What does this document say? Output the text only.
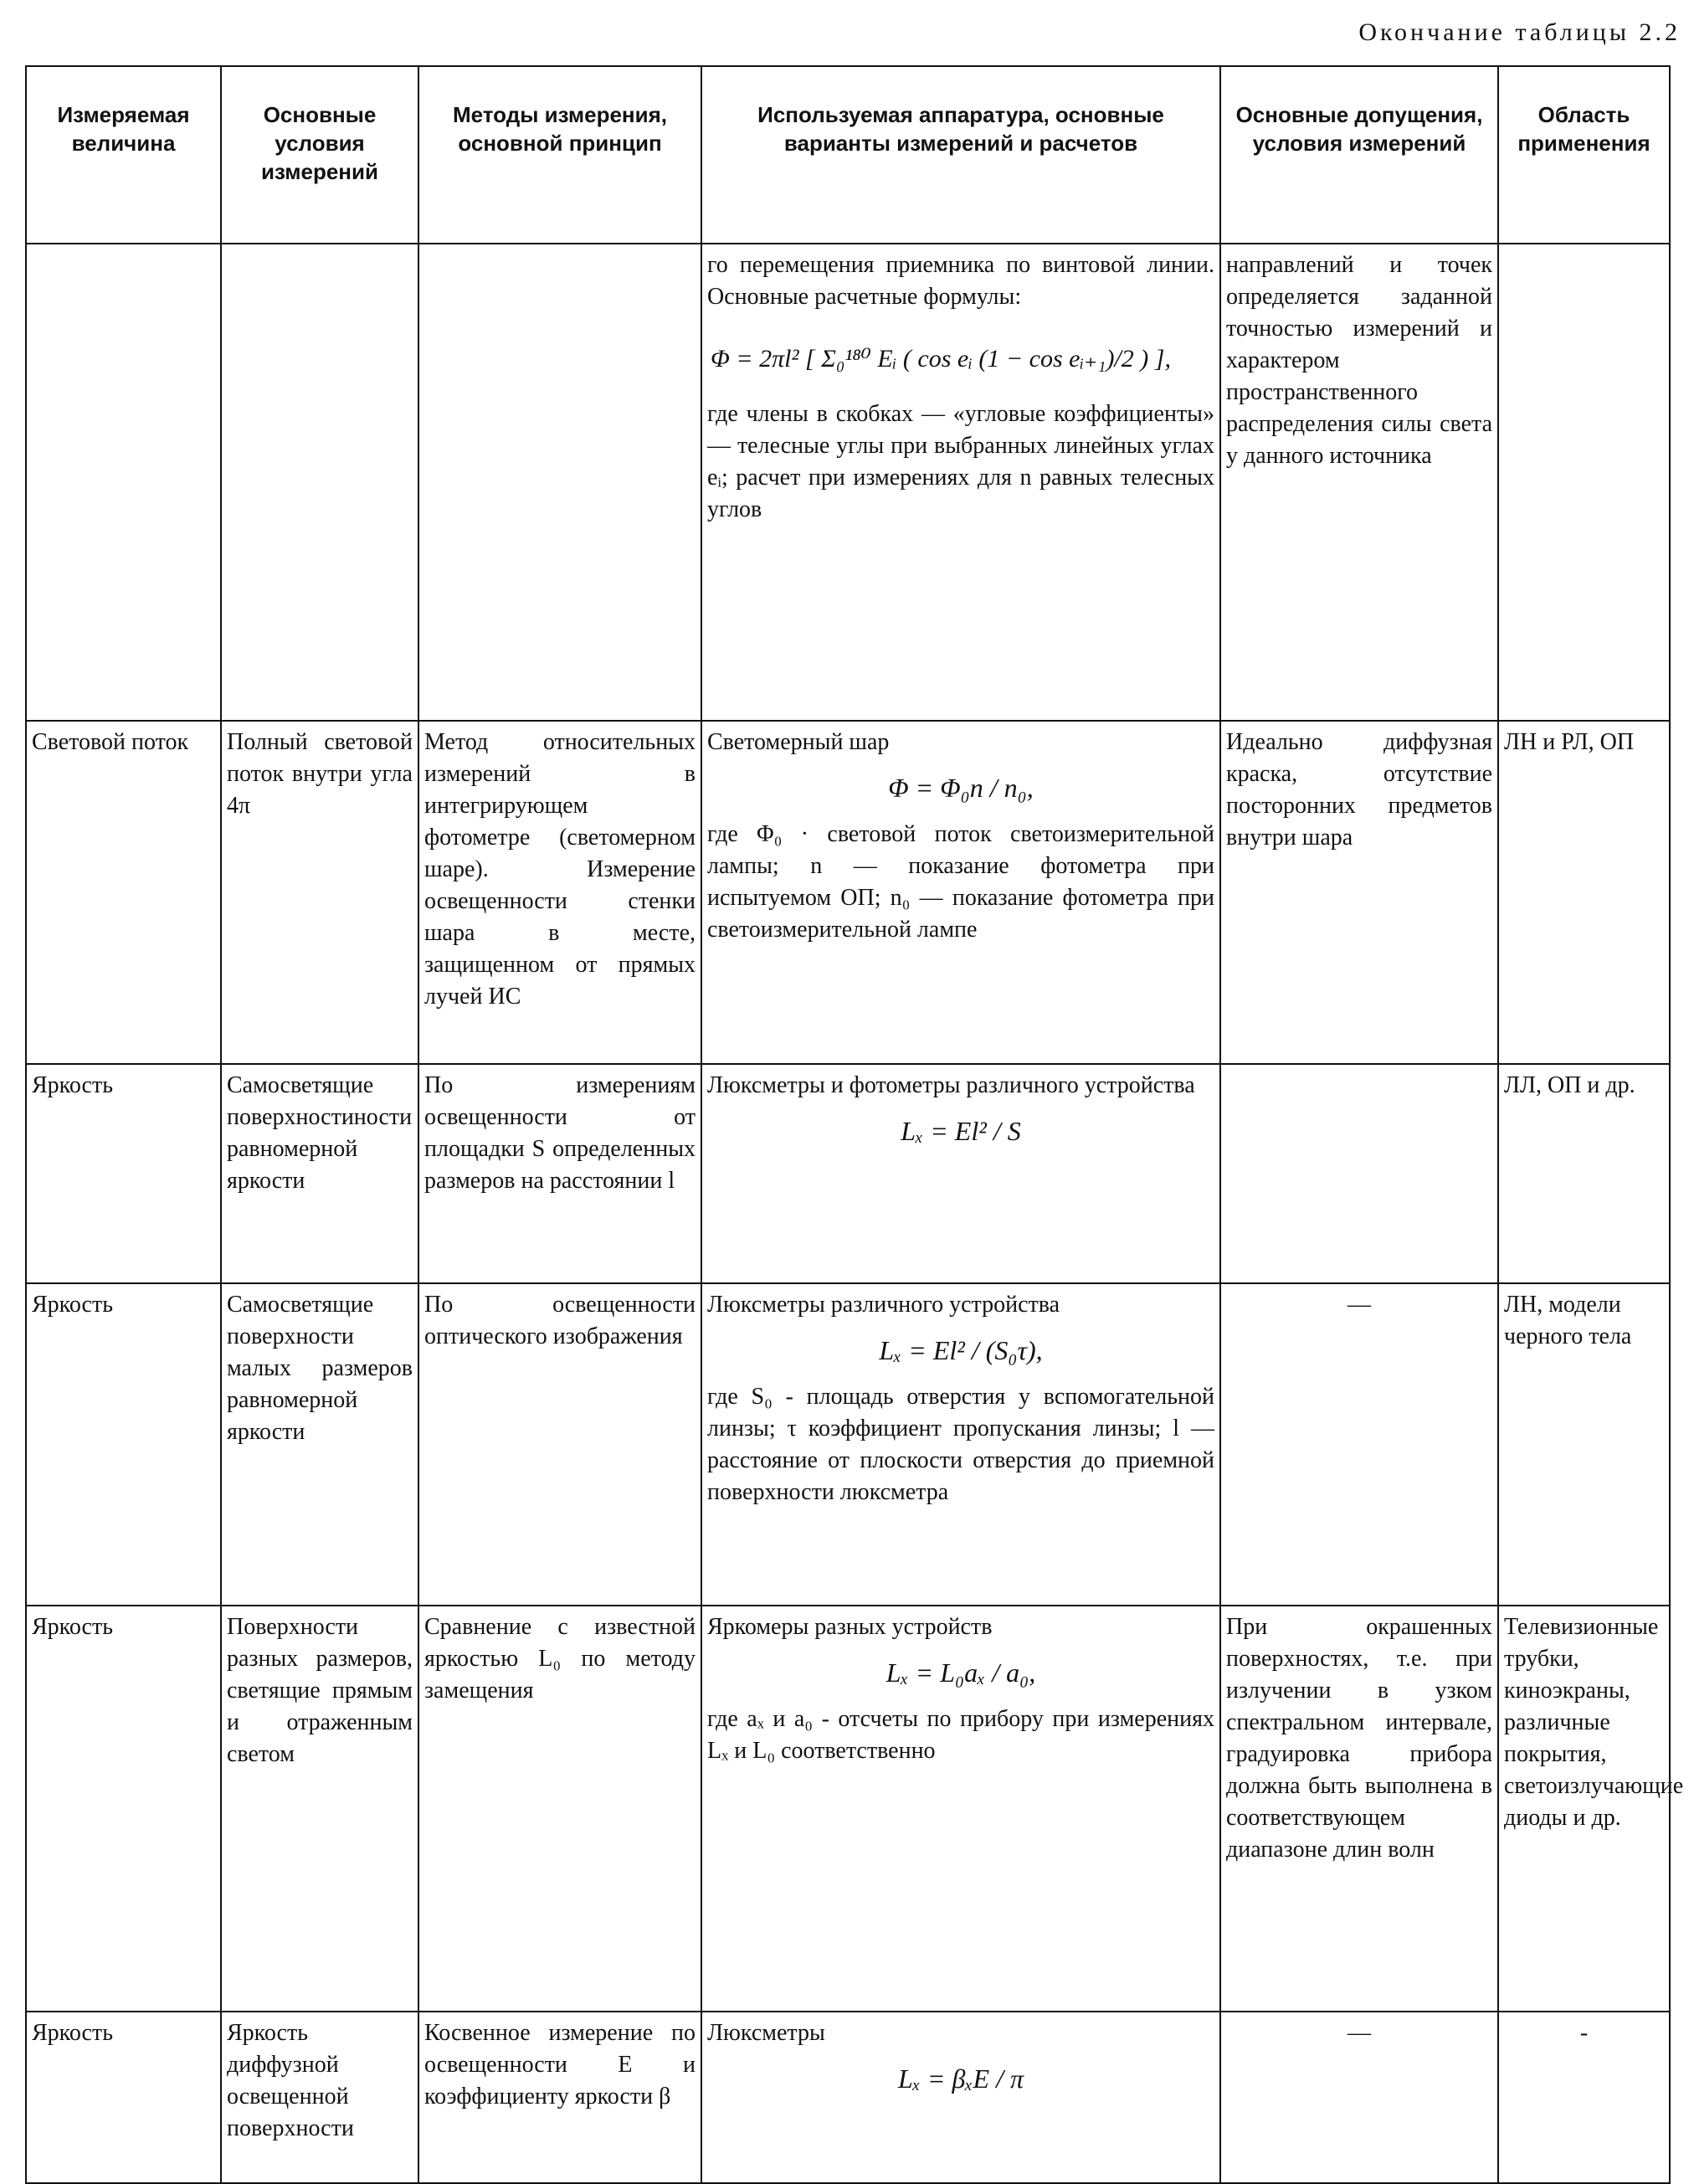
Окончание таблицы 2.2
Измеряемая величина	Основные условия измерений	Методы измерения, основной принцип	Используемая аппаратура, основные варианты измерений и расчетов	Основные допущения, условия измерений	Область применения

			го перемещения приемника по винтовой линии. Основные расчетные формулы:

Φ = 2πl² [ Σ₀¹⁸⁰ Eᵢ ( cos eᵢ (1 − cos eᵢ₊₁)/2 ) ],

где члены в скобках — «угловые коэффициенты» — телесные углы при выбранных линейных углах eᵢ; расчет при измерениях для n равных телесных углов	направлений и точек определяется заданной точностью измерений и характером пространственного распределения силы света у данного источника	
Световой поток	Полный световой поток внутри угла 4π	Метод относительных измерений в интегрирующем фотометре (светомерном шаре). Измерение освещенности стенки шара в месте, защищенном от прямых лучей ИС	Светомерный шар

Φ = Φ₀n / n₀,

где Φ₀ · световой поток светоизмерительной лампы; n — показание фотометра при испытуемом ОП; n₀ — показание фотометра при светоизмерительной лампе	Идеально диффузная краска, отсутствие посторонних предметов внутри шара	ЛН и РЛ, ОП
Яркость	Самосветящие поверхностиности равномерной яркости	По измерениям освещенности от площадки S определенных размеров на расстоянии l	Люксметры и фотометры различного устройства

Lₓ = El² / S		ЛЛ, ОП и др.
Яркость	Самосветящие поверхности малых размеров равномерной яркости	По освещенности оптического изображения	Люксметры различного устройства

Lₓ = El² / (S₀τ),

где S₀ - площадь отверстия у вспомогательной линзы; τ коэффициент пропускания линзы; l — расстояние от плоскости отверстия до приемной поверхности люксметра	—	ЛН, модели черного тела
Яркость	Поверхности разных размеров, светящие прямым и отраженным светом	Сравнение с известной яркостью L₀ по методу замещения	Яркомеры разных устройств

Lₓ = L₀aₓ / a₀,

где aₓ и a₀ - отсчеты по прибору при измерениях Lₓ и L₀ соответственно	При окрашенных поверхностях, т.е. при излучении в узком спектральном интервале, градуировка прибора должна быть выполнена в соответствующем диапазоне длин волн	Телевизионные трубки, киноэкраны, различные покрытия, светоизлучающие диоды и др.
Яркость	Яркость диффузной освещенной поверхности	Косвенное измерение по освещенности E и коэффициенту яркости β	Люксметры

Lₓ = βₓE / π	—	-
